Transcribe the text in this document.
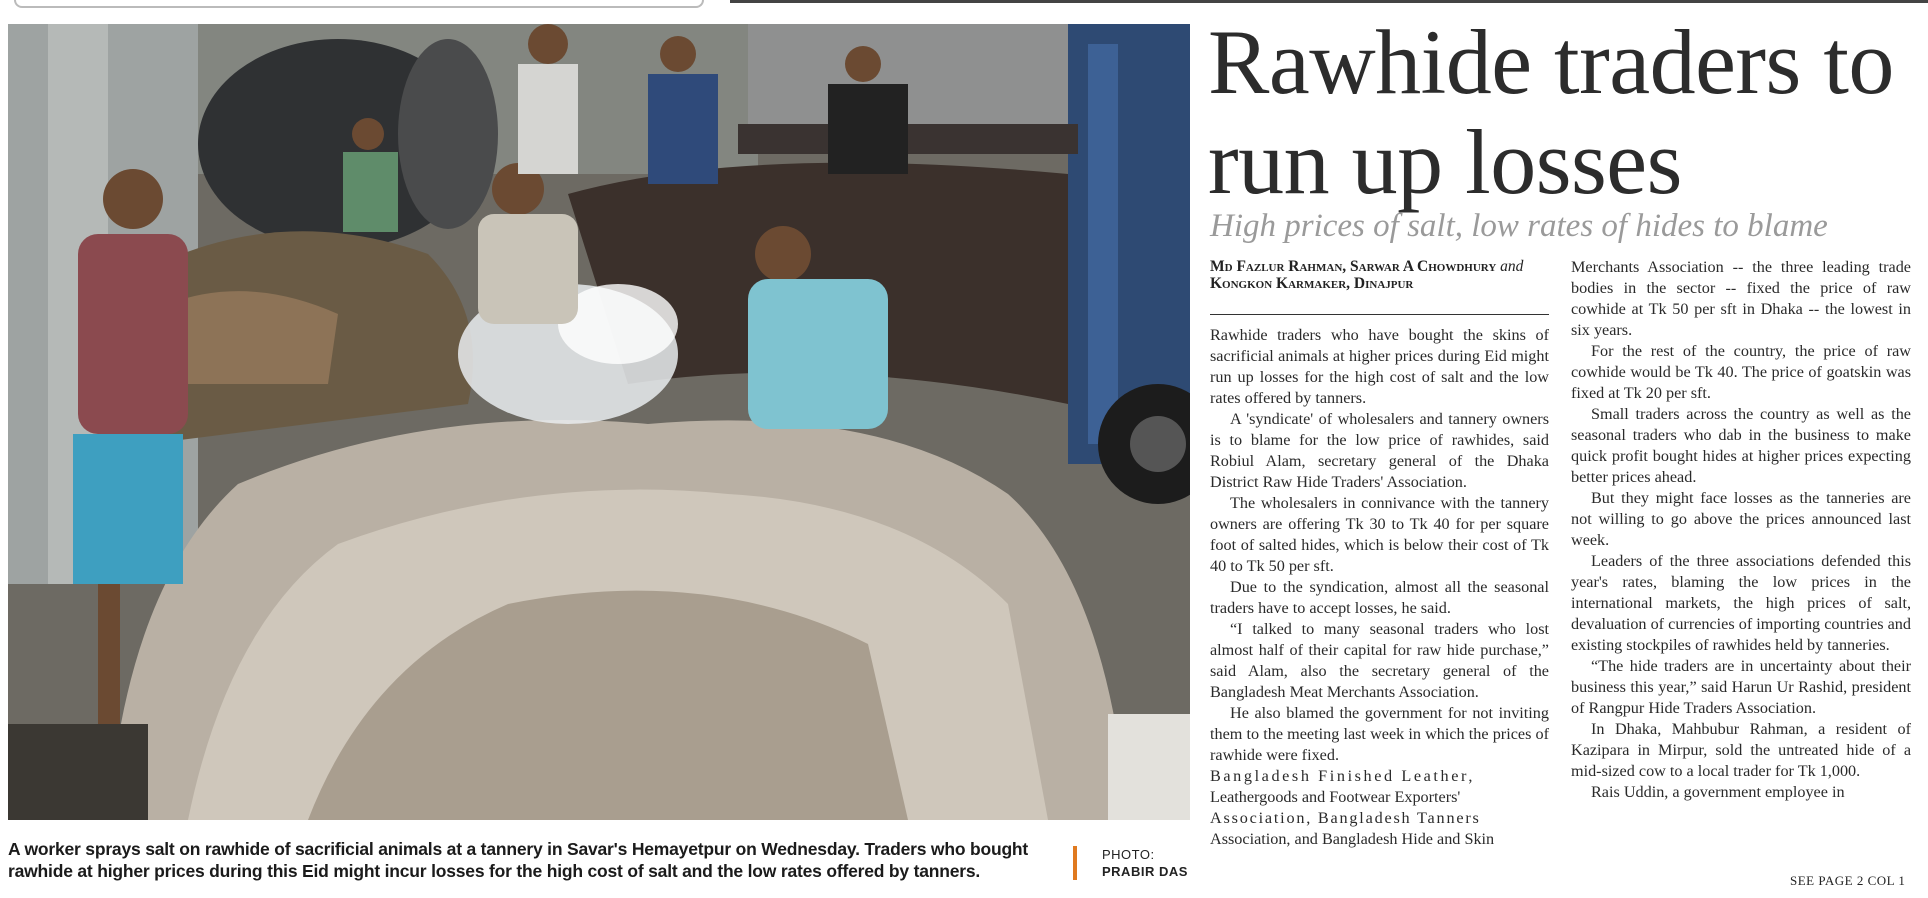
A worker sprays salt on rawhide of sacrificial animals at a tannery in Savar's Hemayetpur on Wednesday. Traders who bought rawhide at higher prices during this Eid might incur losses for the high cost of salt and the low rates offered by tanners.
PHOTO:
PRABIR DAS
Rawhide traders to run up losses
High prices of salt, low rates of hides to blame
Md Fazlur Rahman, Sarwar A Chowdhury and Kongkon Karmaker, Dinajpur

Rawhide traders who have bought the skins of sacrificial animals at higher prices during Eid might run up losses for the high cost of salt and the low rates offered by tanners.

A 'syndicate' of wholesalers and tannery owners is to blame for the low price of rawhides, said Robiul Alam, secretary general of the Dhaka District Raw Hide Traders' Association.

The wholesalers in connivance with the tannery owners are offering Tk 30 to Tk 40 for per square foot of salted hides, which is below their cost of Tk 40 to Tk 50 per sft.

Due to the syndication, almost all the seasonal traders have to accept losses, he said.

“I talked to many seasonal traders who lost almost half of their capital for raw hide purchase,” said Alam, also the secretary general of the Bangladesh Meat Merchants Association.

He also blamed the government for not inviting them to the meeting last week in which the prices of rawhide were fixed.

Bangladesh Finished Leather,
Leathergoods and Footwear Exporters'
Association, Bangladesh Tanners
Association, and Bangladesh Hide and Skin

Merchants Association -- the three leading trade bodies in the sector -- fixed the price of raw cowhide at Tk 50 per sft in Dhaka -- the lowest in six years.

For the rest of the country, the price of raw cowhide would be Tk 40. The price of goatskin was fixed at Tk 20 per sft.

Small traders across the country as well as the seasonal traders who dab in the business to make quick profit bought hides at higher prices expecting better prices ahead.

But they might face losses as the tanneries are not willing to go above the prices announced last week.

Leaders of the three associations defended this year's rates, blaming the low prices in the international markets, the high prices of salt, devaluation of currencies of importing countries and existing stockpiles of rawhides held by tanneries.

“The hide traders are in uncertainty about their business this year,” said Harun Ur Rashid, president of Rangpur Hide Traders Association.

In Dhaka, Mahbubur Rahman, a resident of Kazipara in Mirpur, sold the untreated hide of a mid-sized cow to a local trader for Tk 1,000.

Rais Uddin, a government employee in

SEE PAGE 2 COL 1
